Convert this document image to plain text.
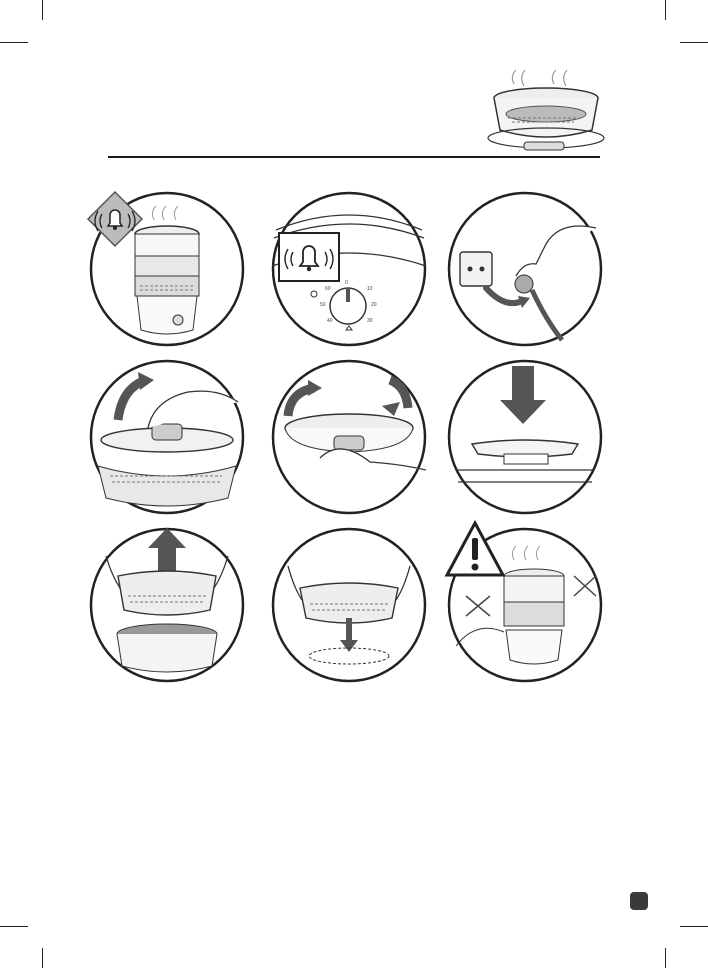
0
10
20
30
40
50
60
